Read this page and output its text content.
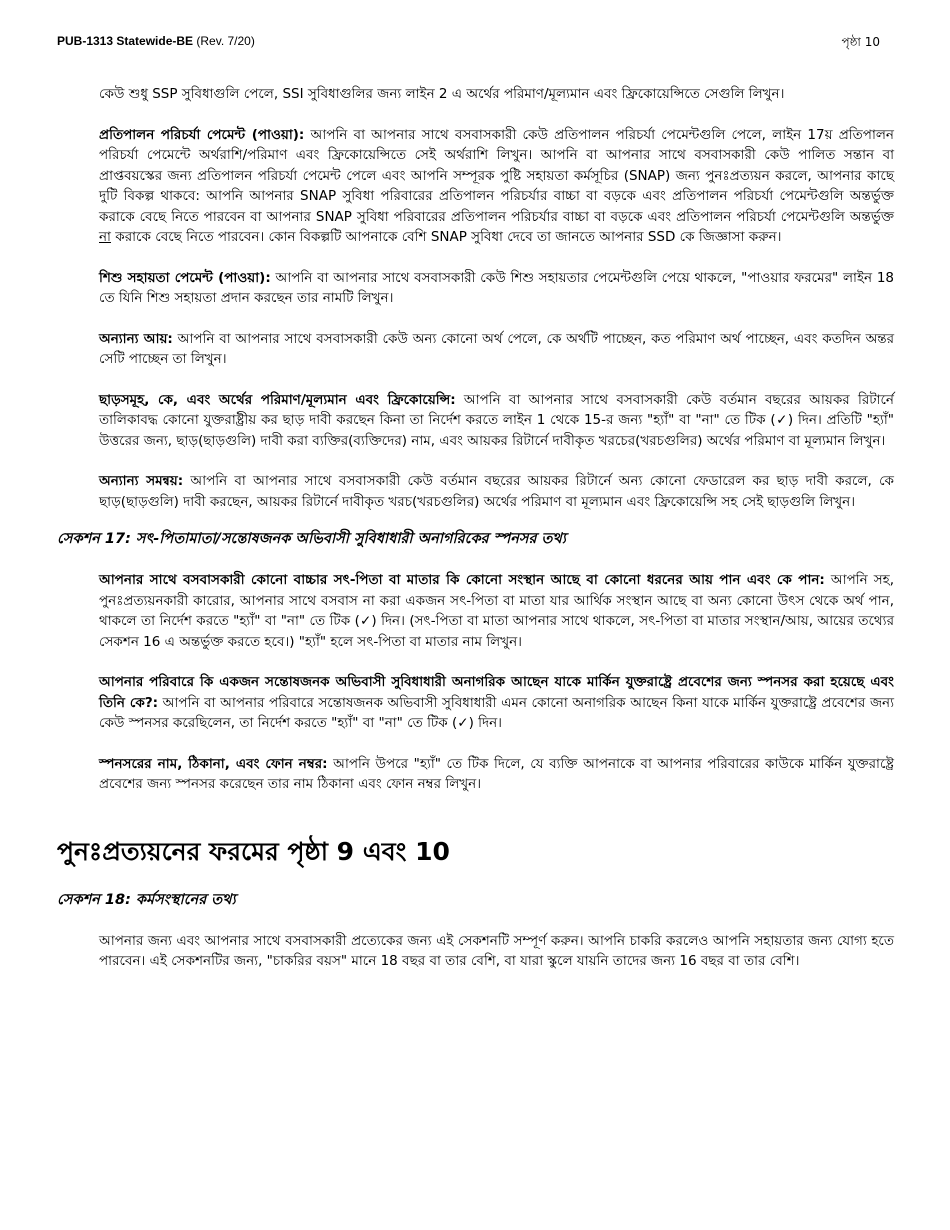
PUB-1313 Statewide-BE (Rev. 7/20)	পৃষ্ঠা 10

কেউ শুধু SSP সুবিধাগুলি পেলে, SSI সুবিধাগুলির জন্য লাইন 2 এ অর্থের পরিমাণ/মূল্যমান এবং ফ্রিকোয়েন্সিতে সেগুলি লিখুন।

প্রতিপালন পরিচর্যা পেমেন্ট (পাওয়া): আপনি বা আপনার সাথে বসবাসকারী কেউ প্রতিপালন পরিচর্যা পেমেন্টগুলি পেলে, লাইন 17য় প্রতিপালন পরিচর্যা পেমেন্টে অর্থরাশি/পরিমাণ এবং ফ্রিকোয়েন্সিতে সেই অর্থরাশি লিখুন। আপনি বা আপনার সাথে বসবাসকারী কেউ পালিত সন্তান বা প্রাপ্তবয়স্কের জন্য প্রতিপালন পরিচর্যা পেমেন্ট পেলে এবং আপনি সম্পূরক পুষ্টি সহায়তা কর্মসূচির (SNAP) জন্য পুনঃপ্রত্যয়ন করলে, আপনার কাছে দুটি বিকল্প থাকবে: আপনি আপনার SNAP সুবিধা পরিবারের প্রতিপালন পরিচর্যার বাচ্চা বা বড়কে এবং প্রতিপালন পরিচর্যা পেমেন্টগুলি অন্তর্ভুক্ত করাকে বেছে নিতে পারবেন বা আপনার SNAP সুবিধা পরিবারের প্রতিপালন পরিচর্যার বাচ্চা বা বড়কে এবং প্রতিপালন পরিচর্যা পেমেন্টগুলি অন্তর্ভুক্ত না করাকে বেছে নিতে পারবেন। কোন বিকল্পটি আপনাকে বেশি SNAP সুবিধা দেবে তা জানতে আপনার SSD কে জিজ্ঞাসা করুন।

শিশু সহায়তা পেমেন্ট (পাওয়া): আপনি বা আপনার সাথে বসবাসকারী কেউ শিশু সহায়তার পেমেন্টগুলি পেয়ে থাকলে, "পাওয়ার ফরমের" লাইন 18 তে যিনি শিশু সহায়তা প্রদান করছেন তার নামটি লিখুন।

অন্যান্য আয়: আপনি বা আপনার সাথে বসবাসকারী কেউ অন্য কোনো অর্থ পেলে, কে অর্থটি পাচ্ছেন, কত পরিমাণ অর্থ পাচ্ছেন, এবং কতদিন অন্তর সেটি পাচ্ছেন তা লিখুন।

ছাড়সমূহ, কে, এবং অর্থের পরিমাণ/মূল্যমান এবং ফ্রিকোয়েন্সি: আপনি বা আপনার সাথে বসবাসকারী কেউ বর্তমান বছরের আয়কর রিটার্নে তালিকাবদ্ধ কোনো যুক্তরাষ্ট্রীয় কর ছাড় দাবী করছেন কিনা তা নির্দেশ করতে লাইন 1 থেকে 15-র জন্য "হ্যাঁ" বা "না" তে টিক (✓) দিন। প্রতিটি "হ্যাঁ" উত্তরের জন্য, ছাড়(ছাড়গুলি) দাবী করা ব্যক্তির(ব্যক্তিদের) নাম, এবং আয়কর রিটার্নে দাবীকৃত খরচের(খরচগুলির) অর্থের পরিমাণ বা মূল্যমান লিখুন।

অন্যান্য সমন্বয়: আপনি বা আপনার সাথে বসবাসকারী কেউ বর্তমান বছরের আয়কর রিটার্নে অন্য কোনো ফেডারেল কর ছাড় দাবী করলে, কে ছাড়(ছাড়গুলি) দাবী করছেন, আয়কর রিটার্নে দাবীকৃত খরচ(খরচগুলির) অর্থের পরিমাণ বা মূল্যমান এবং ফ্রিকোয়েন্সি সহ সেই ছাড়গুলি লিখুন।

সেকশন 17: সৎ-পিতামাতা/সন্তোষজনক অভিবাসী সুবিধাধারী অনাগরিকের স্পনসর তথ্য

আপনার সাথে বসবাসকারী কোনো বাচ্চার সৎ-পিতা বা মাতার কি কোনো সংস্থান আছে বা কোনো ধরনের আয় পান এবং কে পান: আপনি সহ, পুনঃপ্রত্যয়নকারী কারোর, আপনার সাথে বসবাস না করা একজন সৎ-পিতা বা মাতা যার আর্থিক সংস্থান আছে বা অন্য কোনো উৎস থেকে অর্থ পান, থাকলে তা নির্দেশ করতে "হ্যাঁ" বা "না" তে টিক (✓) দিন। (সৎ-পিতা বা মাতা আপনার সাথে থাকলে, সৎ-পিতা বা মাতার সংস্থান/আয়, আয়ের তথ্যের সেকশন 16 এ অন্তর্ভুক্ত করতে হবে।) "হ্যাঁ" হলে সৎ-পিতা বা মাতার নাম লিখুন।

আপনার পরিবারে কি একজন সন্তোষজনক অভিবাসী সুবিধাধারী অনাগরিক আছেন যাকে মার্কিন যুক্তরাষ্ট্রে প্রবেশের জন্য স্পনসর করা হয়েছে এবং তিনি কে?: আপনি বা আপনার পরিবারে সন্তোষজনক অভিবাসী সুবিধাধারী এমন কোনো অনাগরিক আছেন কিনা যাকে মার্কিন যুক্তরাষ্ট্রে প্রবেশের জন্য কেউ স্পনসর করেছিলেন, তা নির্দেশ করতে "হ্যাঁ" বা "না" তে টিক (✓) দিন।

স্পনসরের নাম, ঠিকানা, এবং ফোন নম্বর: আপনি উপরে "হ্যাঁ" তে টিক দিলে, যে ব্যক্তি আপনাকে বা আপনার পরিবারের কাউকে মার্কিন যুক্তরাষ্ট্রে প্রবেশের জন্য স্পনসর করেছেন তার নাম ঠিকানা এবং ফোন নম্বর লিখুন।

পুনঃপ্রত্যয়নের ফরমের পৃষ্ঠা 9 এবং 10
সেকশন 18: কর্মসংস্থানের তথ্য

আপনার জন্য এবং আপনার সাথে বসবাসকারী প্রত্যেকের জন্য এই সেকশনটি সম্পূর্ণ করুন। আপনি চাকরি করলেও আপনি সহায়তার জন্য যোগ্য হতে পারবেন। এই সেকশনটির জন্য, "চাকরির বয়স" মানে 18 বছর বা তার বেশি, বা যারা স্কুলে যায়নি তাদের জন্য 16 বছর বা তার বেশি।
